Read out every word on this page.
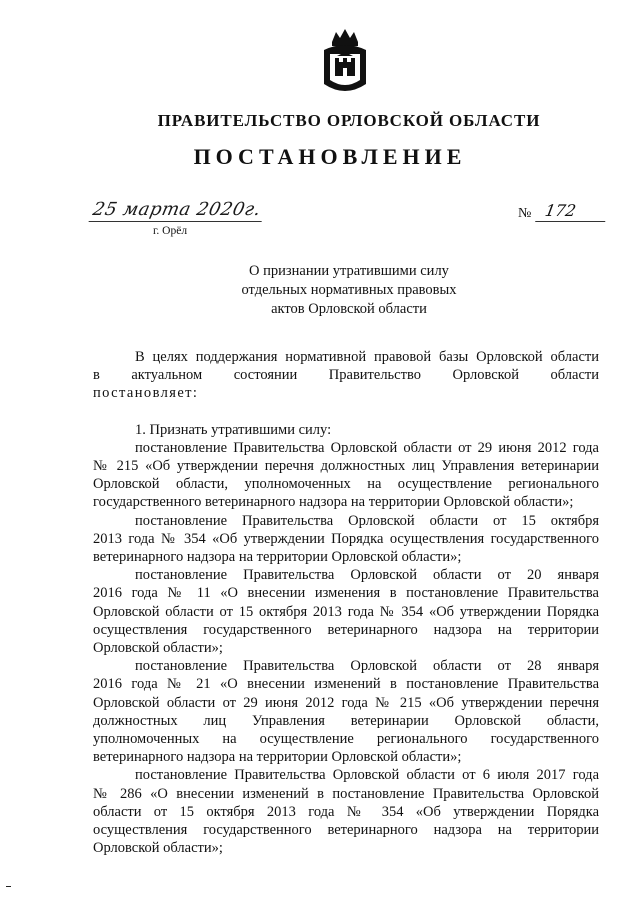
ПРАВИТЕЛЬСТВО ОРЛОВСКОЙ ОБЛАСТИ
ПОСТАНОВЛЕНИЕ
25 марта 2020г.
г. Орёл
№ 172
О признании утратившими силу
отдельных нормативных правовых
актов Орловской области
В целях поддержания нормативной правовой базы Орловской области
в актуальном состоянии Правительство Орловской области
постановляет:
1. Признать утратившими силу:
постановление Правительства Орловской области от 29 июня 2012 года
№ 215 «Об утверждении перечня должностных лиц Управления ветеринарии
Орловской области, уполномоченных на осуществление регионального
государственного ветеринарного надзора на территории Орловской области»;
постановление Правительства Орловской области от 15 октября
2013 года № 354 «Об утверждении Порядка осуществления государственного
ветеринарного надзора на территории Орловской области»;
постановление Правительства Орловской области от 20 января
2016 года № 11 «О внесении изменения в постановление Правительства
Орловской области от 15 октября 2013 года № 354 «Об утверждении Порядка
осуществления государственного ветеринарного надзора на территории
Орловской области»;
постановление Правительства Орловской области от 28 января
2016 года № 21 «О внесении изменений в постановление Правительства
Орловской области от 29 июня 2012 года № 215 «Об утверждении перечня
должностных лиц Управления ветеринарии Орловской области,
уполномоченных на осуществление регионального государственного
ветеринарного надзора на территории Орловской области»;
постановление Правительства Орловской области от 6 июля 2017 года
№ 286 «О внесении изменений в постановление Правительства Орловской
области от 15 октября 2013 года № 354 «Об утверждении Порядка
осуществления государственного ветеринарного надзора на территории
Орловской области»;
